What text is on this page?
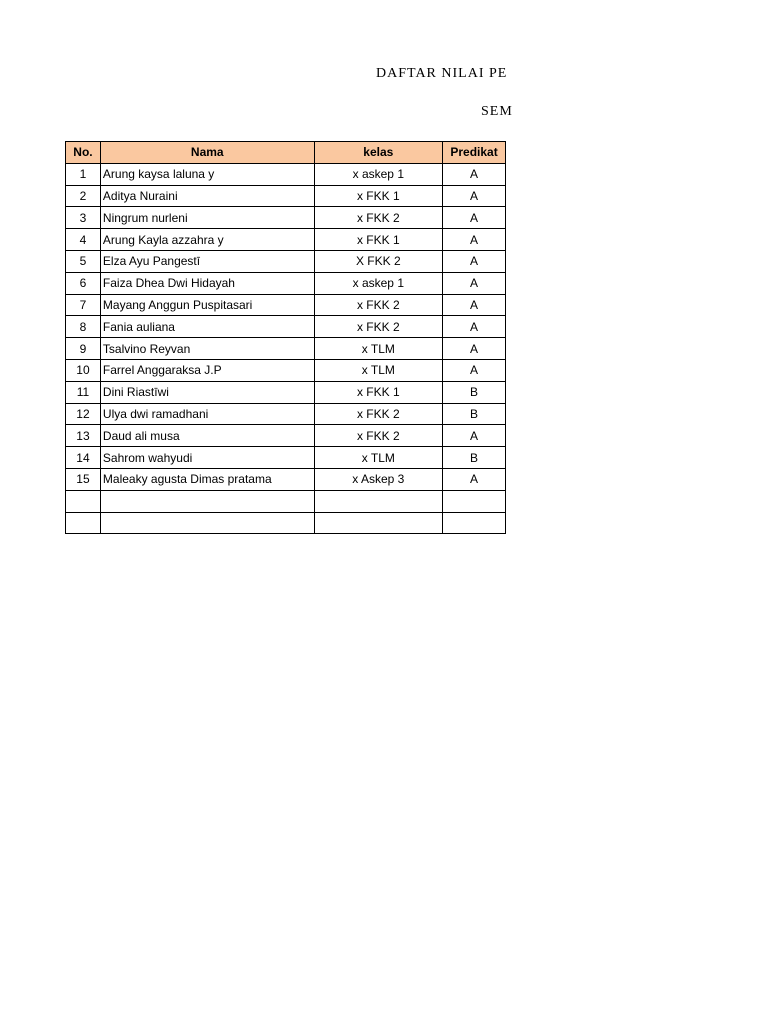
DAFTAR NILAI PE
SEM
No.	Nama	kelas	Predikat
1	Arung kaysa laluna y	x askep 1	A
2	Aditya Nuraini	x FKK 1	A
3	Ningrum nurleni	x FKK 2	A
4	Arung Kayla azzahra y	x FKK 1	A
5	Elza Ayu Pangestī	X FKK 2	A
6	Faiza Dhea Dwi Hidayah	x askep 1	A
7	Mayang Anggun Puspitasari	x FKK 2	A
8	Fania auliana	x FKK 2	A
9	Tsalvino Reyvan	x TLM	A
10	Farrel Anggaraksa J.P	x TLM	A
11	Dini Riastīwi	x FKK 1	B
12	Ulya dwi ramadhani	x FKK 2	B
13	Daud ali musa	x FKK 2	A
14	Sahrom wahyudi	x TLM	B
15	Maleaky agusta Dimas pratama	x Askep 3	A
